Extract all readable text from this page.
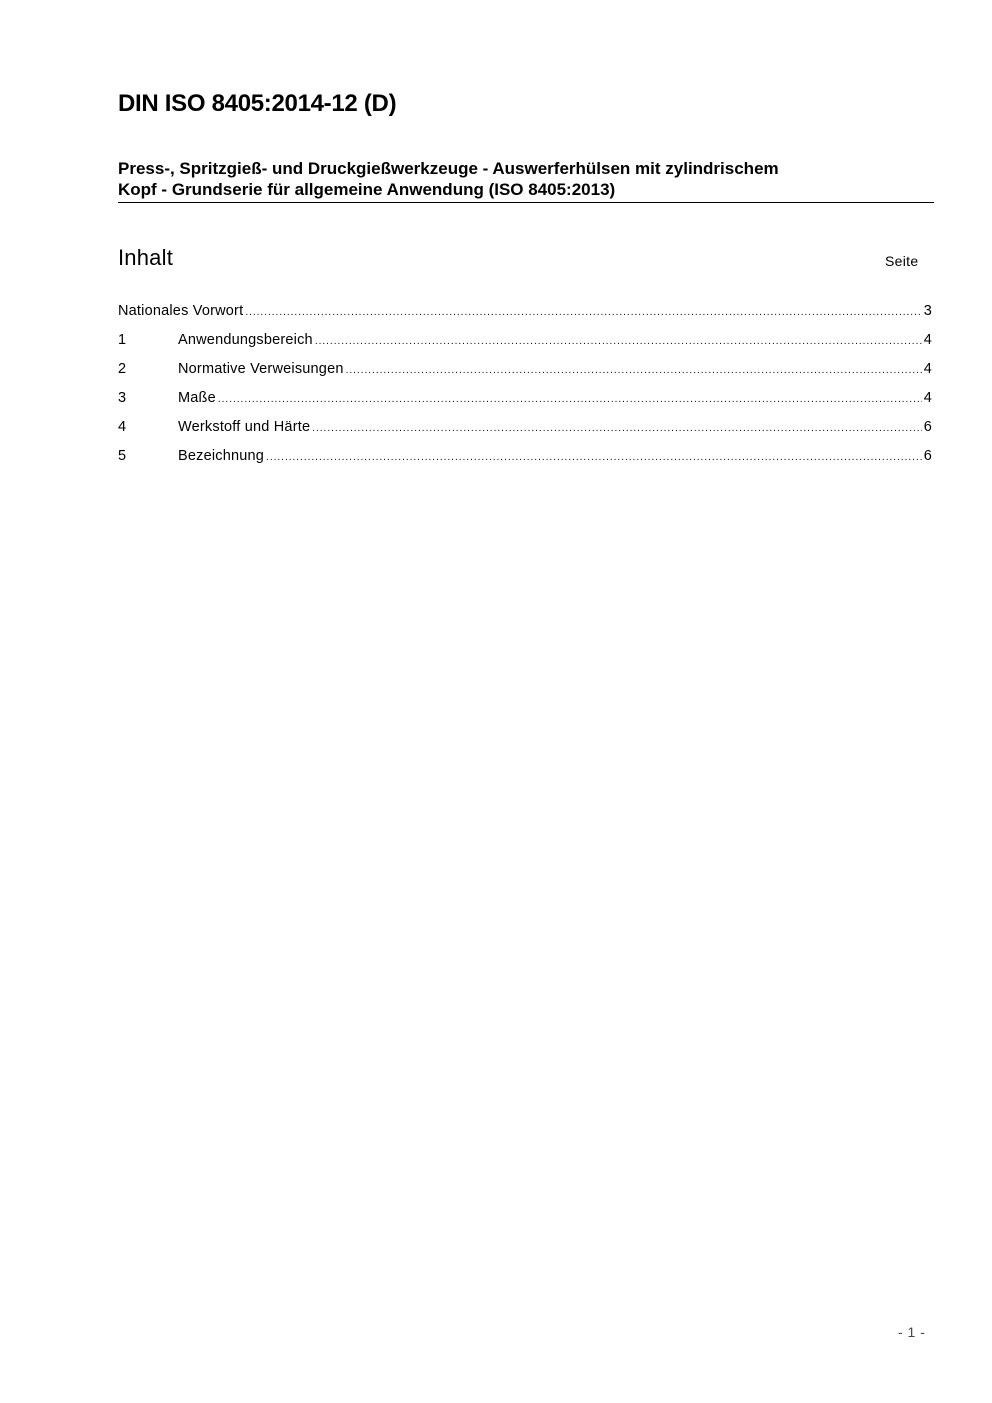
DIN ISO 8405:2014-12 (D)
Press-, Spritzgieß- und Druckgießwerkzeuge - Auswerferhülsen mit zylindrischem
Kopf - Grundserie für allgemeine Anwendung (ISO 8405:2013)
Inhalt	Seite
Nationales Vorwort .....	3
1	Anwendungsbereich .....	4
2	Normative Verweisungen .....	4
3	Maße .....	4
4	Werkstoff und Härte .....	6
5	Bezeichnung .....	6
- 1 -
